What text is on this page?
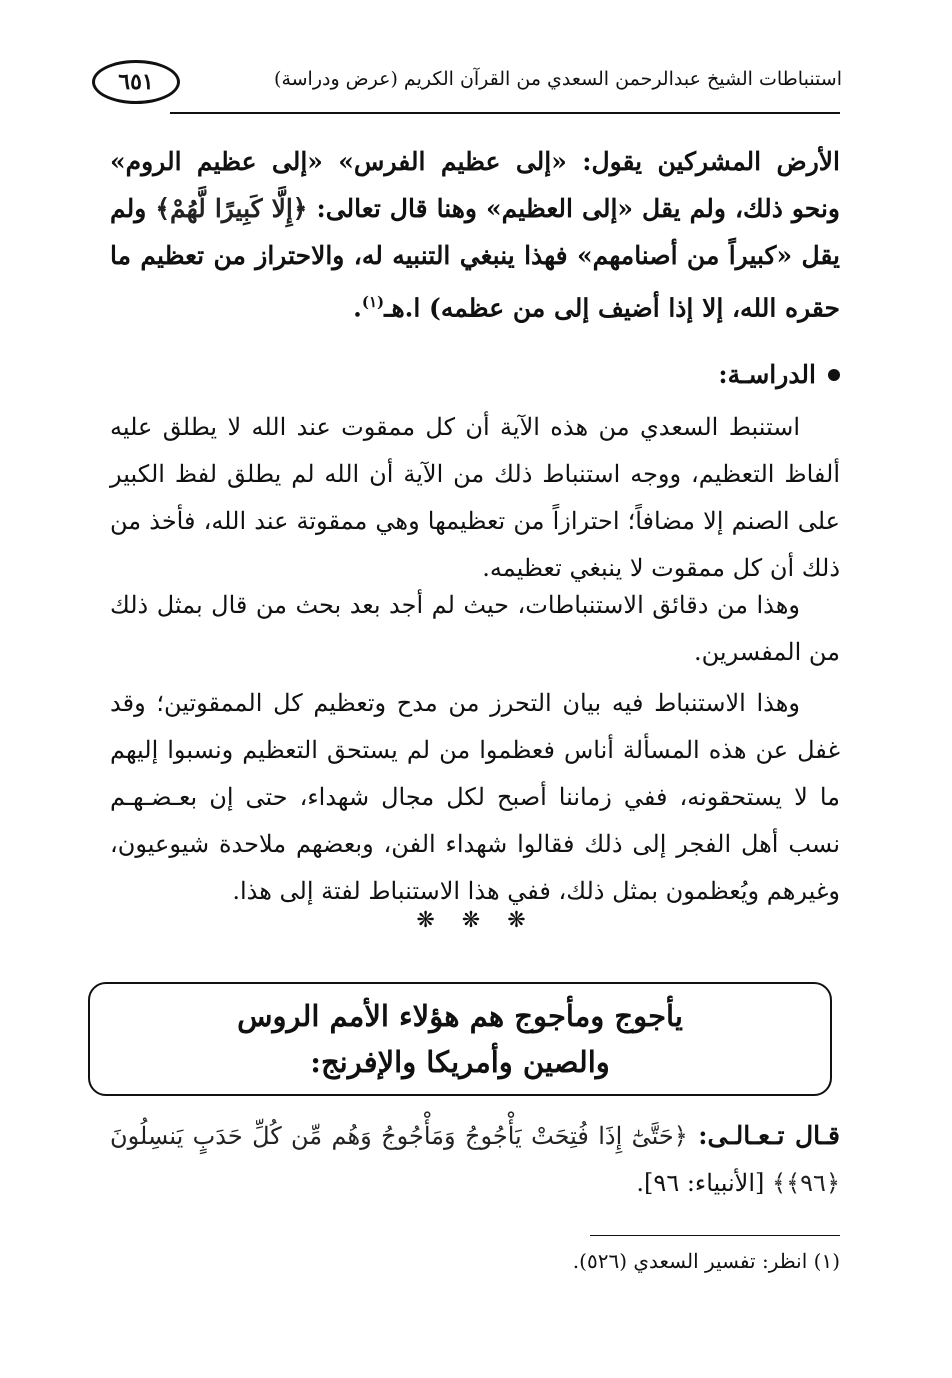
استنباطات الشيخ عبدالرحمن السعدي من القرآن الكريم (عرض ودراسة)
٦٥١

الأرض المشركين يقول: «إلى عظيم الفرس» «إلى عظيم الروم» ونحو ذلك، ولم يقل «إلى العظيم» وهنا قال تعالى: ﴿إِلَّا كَبِيرًا لَّهُمْ﴾ ولم يقل «كبيراً من أصنامهم» فهذا ينبغي التنبيه له، والاحتراز من تعظيم ما حقره الله، إلا إذا أضيف إلى من عظمه) ا.هـ$^{(١)}$.

الدراسـة:

استنبط السعدي من هذه الآية أن كل ممقوت عند الله لا يطلق عليه ألفاظ التعظيم، ووجه استنباط ذلك من الآية أن الله لم يطلق لفظ الكبير على الصنم إلا مضافاً؛ احترازاً من تعظيمها وهي ممقوتة عند الله، فأخذ من ذلك أن كل ممقوت لا ينبغي تعظيمه.

وهذا من دقائق الاستنباطات، حيث لم أجد بعد بحث من قال بمثل ذلك من المفسرين.

وهذا الاستنباط فيه بيان التحرز من مدح وتعظيم كل الممقوتين؛ وقد غفل عن هذه المسألة أناس فعظموا من لم يستحق التعظيم ونسبوا إليهم ما لا يستحقونه، ففي زماننا أصبح لكل مجال شهداء، حتى إن بعـضـهـم نسب أهل الفجر إلى ذلك فقالوا شهداء الفن، وبعضهم ملاحدة شيوعيون، وغيرهم ويُعظمون بمثل ذلك، ففي هذا الاستنباط لفتة إلى هذا.

❋ ❋ ❋
يأجوج ومأجوج هم هؤلاء الأمم الروس
والصين وأمريكا والإفرنج:

قـال تـعـالـى: ﴿حَتَّىٰٓ إِذَا فُتِحَتْ يَأْجُوجُ وَمَأْجُوجُ وَهُم مِّن كُلِّ حَدَبٍ يَنسِلُونَ ﴿٩٦﴾﴾ [الأنبياء: ٩٦].

(١) انظر: تفسير السعدي (٥٢٦).
